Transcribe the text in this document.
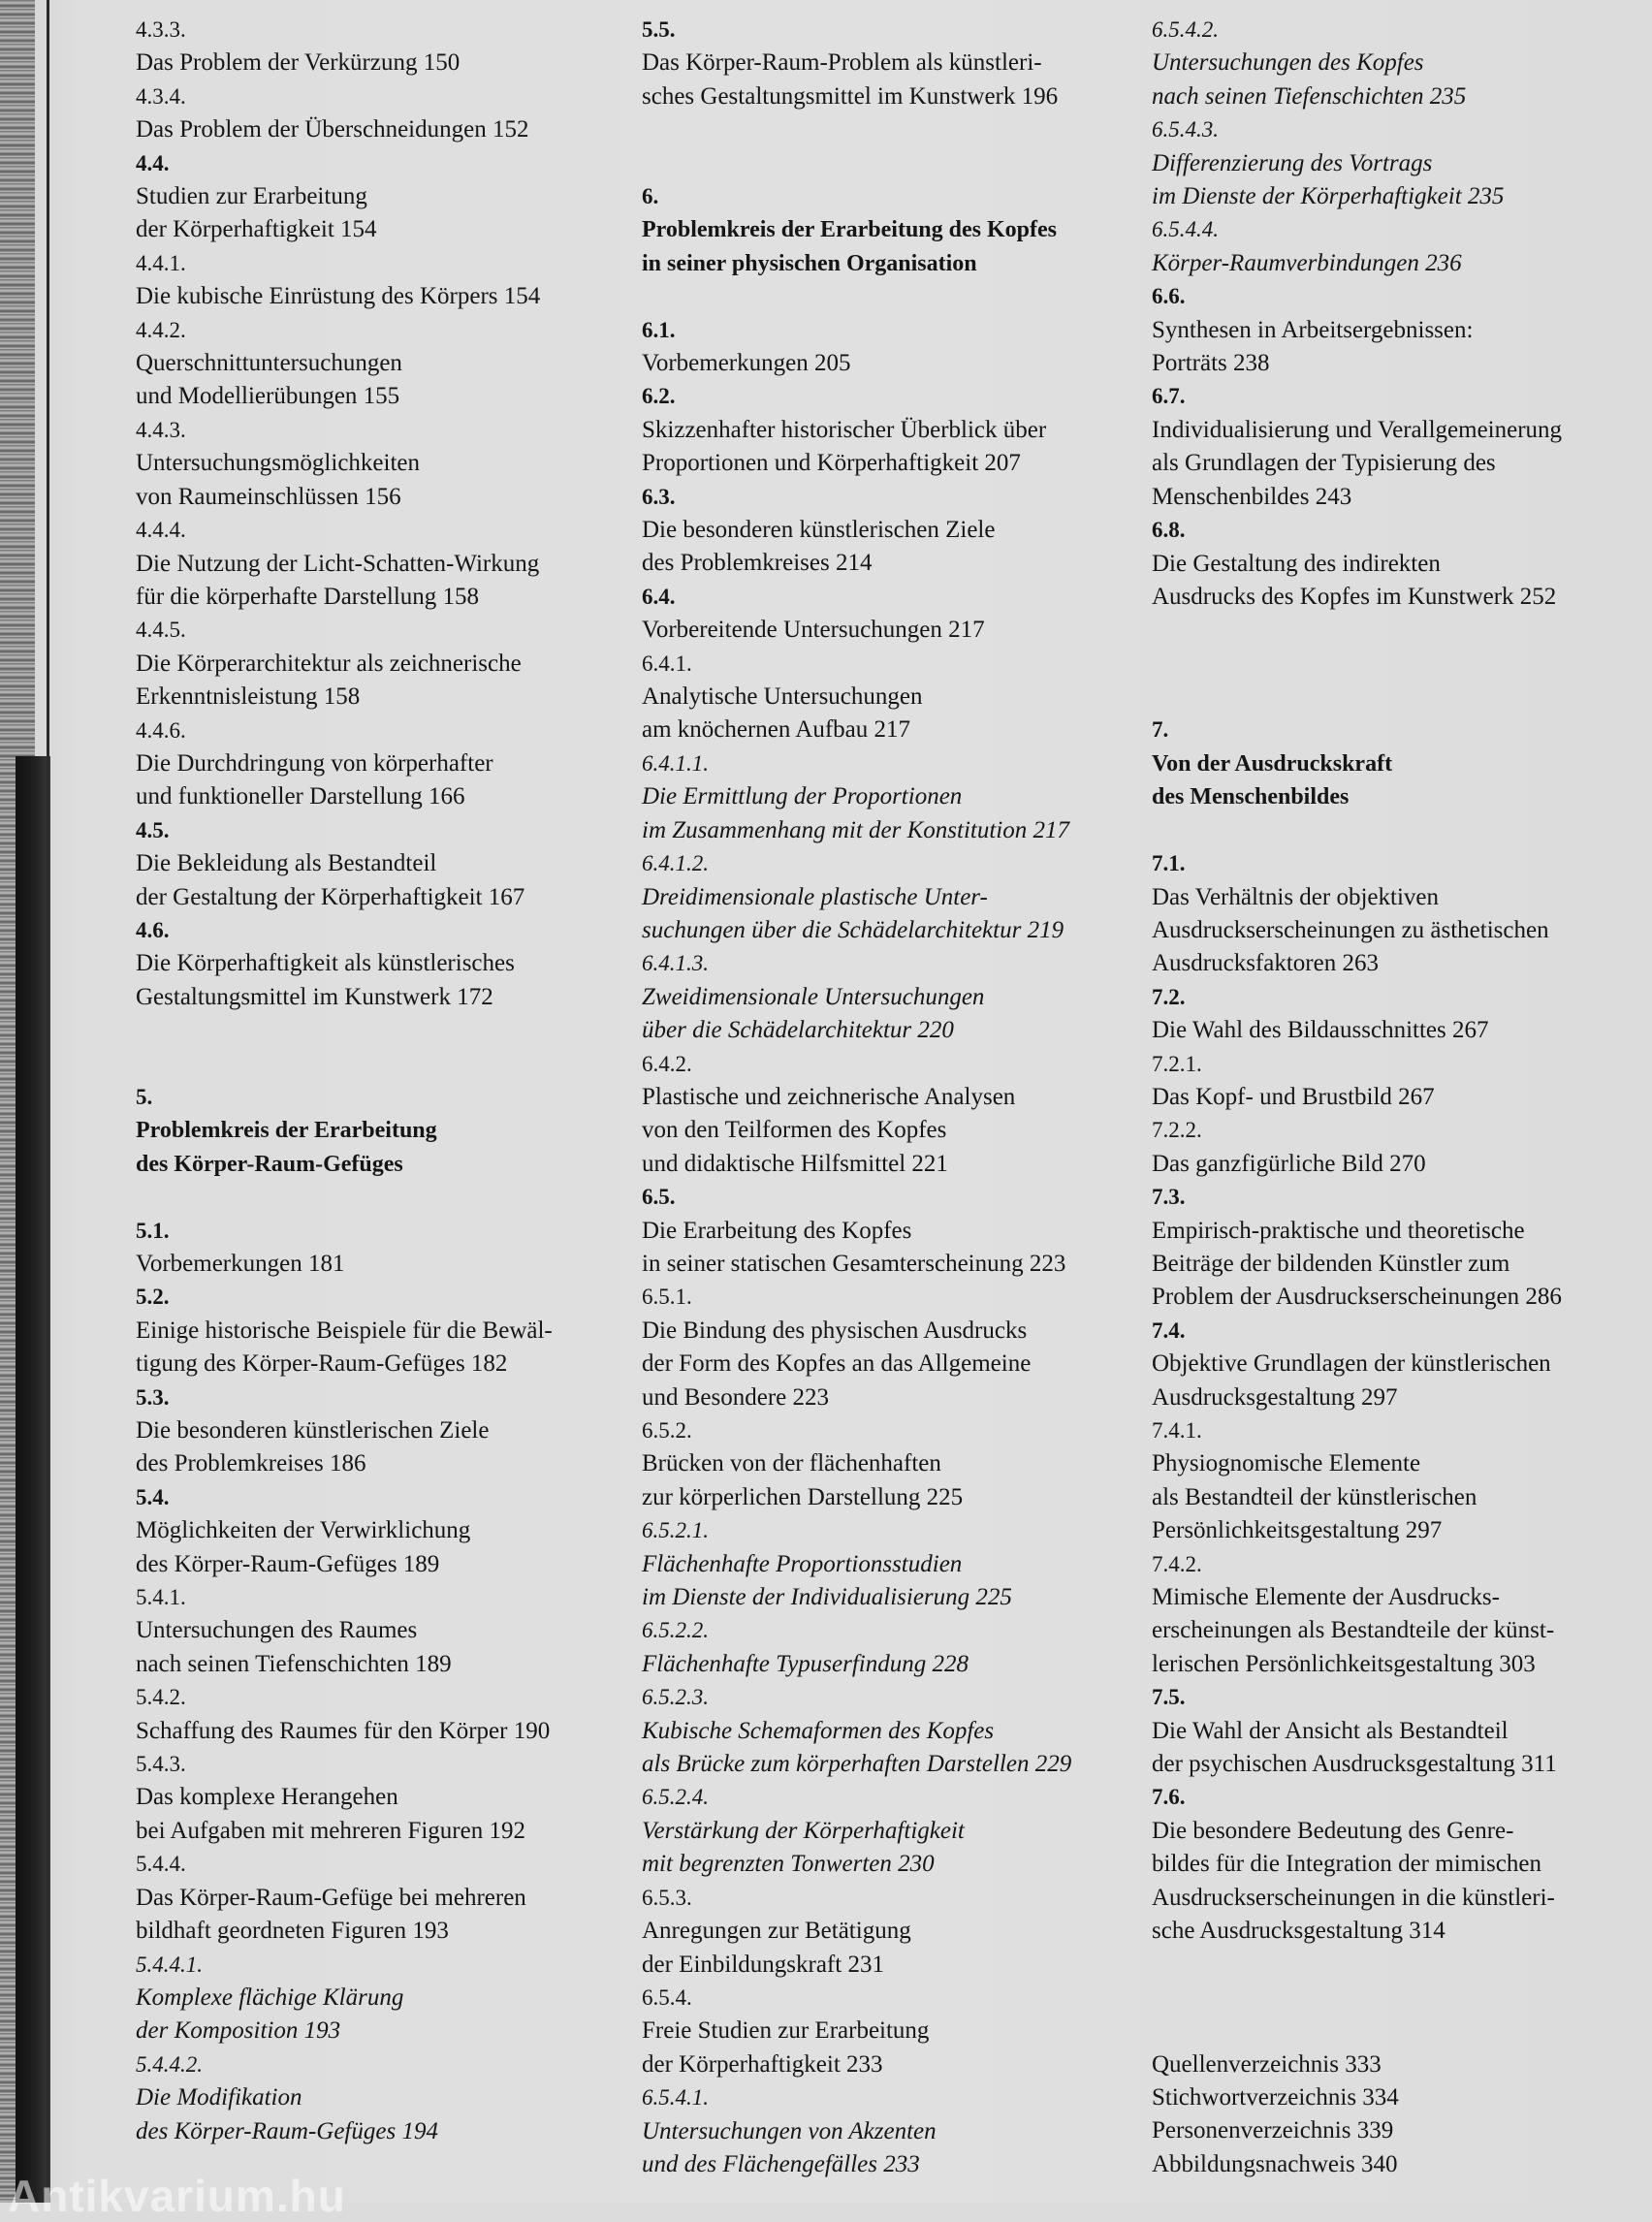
4.3.3.
Das Problem der Verkürzung 150
4.3.4.
Das Problem der Überschneidungen 152
4.4.
Studien zur Erarbeitung
der Körperhaftigkeit 154
4.4.1.
Die kubische Einrüstung des Körpers 154
4.4.2.
Querschnittuntersuchungen
und Modellierübungen 155
4.4.3.
Untersuchungsmöglichkeiten
von Raumeinschlüssen 156
4.4.4.
Die Nutzung der Licht-Schatten-Wirkung
für die körperhafte Darstellung 158
4.4.5.
Die Körperarchitektur als zeichnerische
Erkenntnisleistung 158
4.4.6.
Die Durchdringung von körperhafter
und funktioneller Darstellung 166
4.5.
Die Bekleidung als Bestandteil
der Gestaltung der Körperhaftigkeit 167
4.6.
Die Körperhaftigkeit als künstlerisches
Gestaltungsmittel im Kunstwerk 172
5.
Problemkreis der Erarbeitung
des Körper-Raum-Gefüges
5.1.
Vorbemerkungen 181
5.2.
Einige historische Beispiele für die Bewäl-
tigung des Körper-Raum-Gefüges 182
5.3.
Die besonderen künstlerischen Ziele
des Problemkreises 186
5.4.
Möglichkeiten der Verwirklichung
des Körper-Raum-Gefüges 189
5.4.1.
Untersuchungen des Raumes
nach seinen Tiefenschichten 189
5.4.2.
Schaffung des Raumes für den Körper 190
5.4.3.
Das komplexe Herangehen
bei Aufgaben mit mehreren Figuren 192
5.4.4.
Das Körper-Raum-Gefüge bei mehreren
bildhaft geordneten Figuren 193
5.4.4.1.
Komplexe flächige Klärung
der Komposition 193
5.4.4.2.
Die Modifikation
des Körper-Raum-Gefüges 194
5.5.
Das Körper-Raum-Problem als künstleri-
sches Gestaltungsmittel im Kunstwerk 196
6.
Problemkreis der Erarbeitung des Kopfes
in seiner physischen Organisation
6.1.
Vorbemerkungen 205
6.2.
Skizzenhafter historischer Überblick über
Proportionen und Körperhaftigkeit 207
6.3.
Die besonderen künstlerischen Ziele
des Problemkreises 214
6.4.
Vorbereitende Untersuchungen 217
6.4.1.
Analytische Untersuchungen
am knöchernen Aufbau 217
6.4.1.1.
Die Ermittlung der Proportionen
im Zusammenhang mit der Konstitution 217
6.4.1.2.
Dreidimensionale plastische Unter-
suchungen über die Schädelarchitektur 219
6.4.1.3.
Zweidimensionale Untersuchungen
über die Schädelarchitektur 220
6.4.2.
Plastische und zeichnerische Analysen
von den Teilformen des Kopfes
und didaktische Hilfsmittel 221
6.5.
Die Erarbeitung des Kopfes
in seiner statischen Gesamterscheinung 223
6.5.1.
Die Bindung des physischen Ausdrucks
der Form des Kopfes an das Allgemeine
und Besondere 223
6.5.2.
Brücken von der flächenhaften
zur körperlichen Darstellung 225
6.5.2.1.
Flächenhafte Proportionsstudien
im Dienste der Individualisierung 225
6.5.2.2.
Flächenhafte Typuserfindung 228
6.5.2.3.
Kubische Schemaformen des Kopfes
als Brücke zum körperhaften Darstellen 229
6.5.2.4.
Verstärkung der Körperhaftigkeit
mit begrenzten Tonwerten 230
6.5.3.
Anregungen zur Betätigung
der Einbildungskraft 231
6.5.4.
Freie Studien zur Erarbeitung
der Körperhaftigkeit 233
6.5.4.1.
Untersuchungen von Akzenten
und des Flächengefälles 233
6.5.4.2.
Untersuchungen des Kopfes
nach seinen Tiefenschichten 235
6.5.4.3.
Differenzierung des Vortrags
im Dienste der Körperhaftigkeit 235
6.5.4.4.
Körper-Raumverbindungen 236
6.6.
Synthesen in Arbeitsergebnissen:
Porträts 238
6.7.
Individualisierung und Verallgemeinerung
als Grundlagen der Typisierung des
Menschenbildes 243
6.8.
Die Gestaltung des indirekten
Ausdrucks des Kopfes im Kunstwerk 252
7.
Von der Ausdruckskraft
des Menschenbildes
7.1.
Das Verhältnis der objektiven
Ausdruckserscheinungen zu ästhetischen
Ausdrucksfaktoren 263
7.2.
Die Wahl des Bildausschnittes 267
7.2.1.
Das Kopf- und Brustbild 267
7.2.2.
Das ganzfigürliche Bild 270
7.3.
Empirisch-praktische und theoretische
Beiträge der bildenden Künstler zum
Problem der Ausdruckserscheinungen 286
7.4.
Objektive Grundlagen der künstlerischen
Ausdrucksgestaltung 297
7.4.1.
Physiognomische Elemente
als Bestandteil der künstlerischen
Persönlichkeitsgestaltung 297
7.4.2.
Mimische Elemente der Ausdrucks-
erscheinungen als Bestandteile der künst-
lerischen Persönlichkeitsgestaltung 303
7.5.
Die Wahl der Ansicht als Bestandteil
der psychischen Ausdrucksgestaltung 311
7.6.
Die besondere Bedeutung des Genre-
bildes für die Integration der mimischen
Ausdruckserscheinungen in die künstleri-
sche Ausdrucksgestaltung 314
Quellenverzeichnis 333
Stichwortverzeichnis 334
Personenverzeichnis 339
Abbildungsnachweis 340
Antikvarium.hu
